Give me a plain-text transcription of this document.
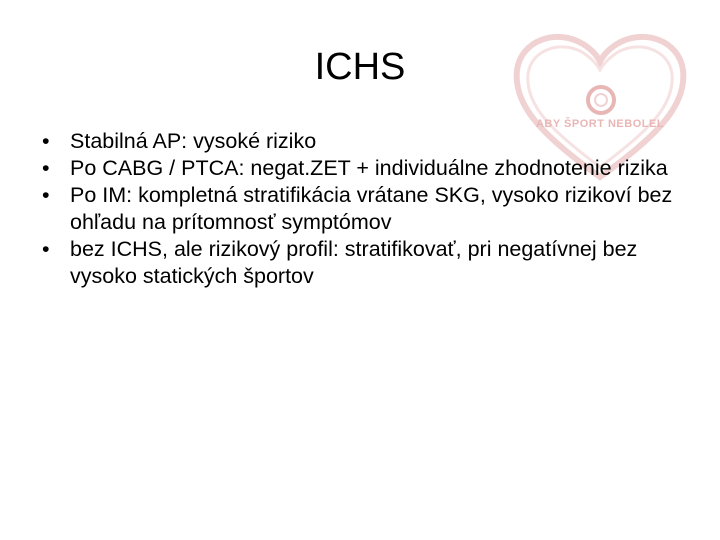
ABY ŠPORT NEBOLEL
ICHS
• Stabilná AP: vysoké riziko
• Po CABG / PTCA: negat.ZET + individuálne zhodnotenie rizika
• Po IM: kompletná stratifikácia vrátane SKG, vysoko rizikoví bez ohľadu na prítomnosť symptómov
• bez ICHS, ale rizikový profil: stratifikovať, pri negatívnej bez vysoko statických športov
